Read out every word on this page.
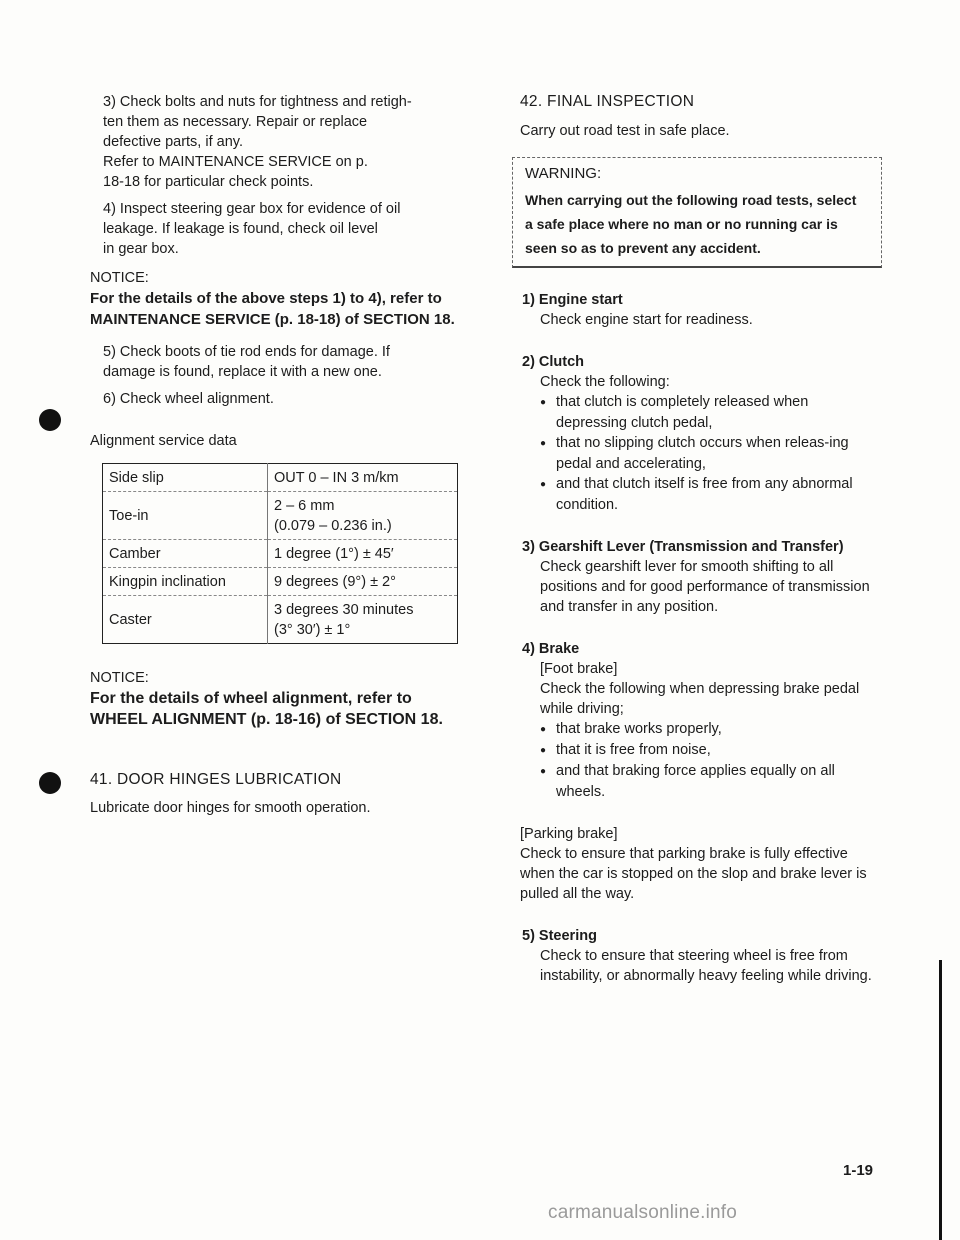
3) Check bolts and nuts for tightness and retigh-

ten them as necessary. Repair or replace

defective parts, if any.

Refer to MAINTENANCE SERVICE on p.

18-18 for particular check points.

4) Inspect steering gear box for evidence of oil

leakage. If leakage is found, check oil level

in gear box.

NOTICE:
For the details of the above steps 1) to 4), refer to MAINTENANCE SERVICE (p. 18-18) of SECTION 18.

5) Check boots of tie rod ends for damage. If

damage is found, replace it with a new one.

6) Check wheel alignment.

Alignment service data
Side slip	OUT 0 – IN 3 m/km

Toe-in	2 – 6 mm
(0.079 – 0.236 in.)

Camber	1 degree (1°) ± 45′

Kingpin inclination	9 degrees (9°) ± 2°

Caster	3 degrees 30 minutes
(3° 30′) ± 1°
NOTICE:
For the details of wheel alignment, refer to WHEEL ALIGNMENT (p. 18-16) of SECTION 18.
41. DOOR HINGES LUBRICATION
Lubricate door hinges for smooth operation.
42. FINAL INSPECTION
Carry out road test in safe place.
WARNING:
When carrying out the following road tests, select a safe place where no man or no running car is seen so as to prevent any accident.
1) Engine start
Check engine start for readiness.
2) Clutch
Check the following:
● that clutch is completely released when depressing clutch pedal,
● that no slipping clutch occurs when releas-ing pedal and accelerating,
● and that clutch itself is free from any abnormal condition.
3) Gearshift Lever (Transmission and Transfer)
Check gearshift lever for smooth shifting to all positions and for good performance of transmission and transfer in any position.
4) Brake
[Foot brake]
Check the following when depressing brake pedal while driving;
● that brake works properly,
● that it is free from noise,
● and that braking force applies equally on all wheels.
[Parking brake]
Check to ensure that parking brake is fully effective when the car is stopped on the slop and brake lever is pulled all the way.
5) Steering
Check to ensure that steering wheel is free from instability, or abnormally heavy feeling while driving.
1-19
carmanualsonline.info
